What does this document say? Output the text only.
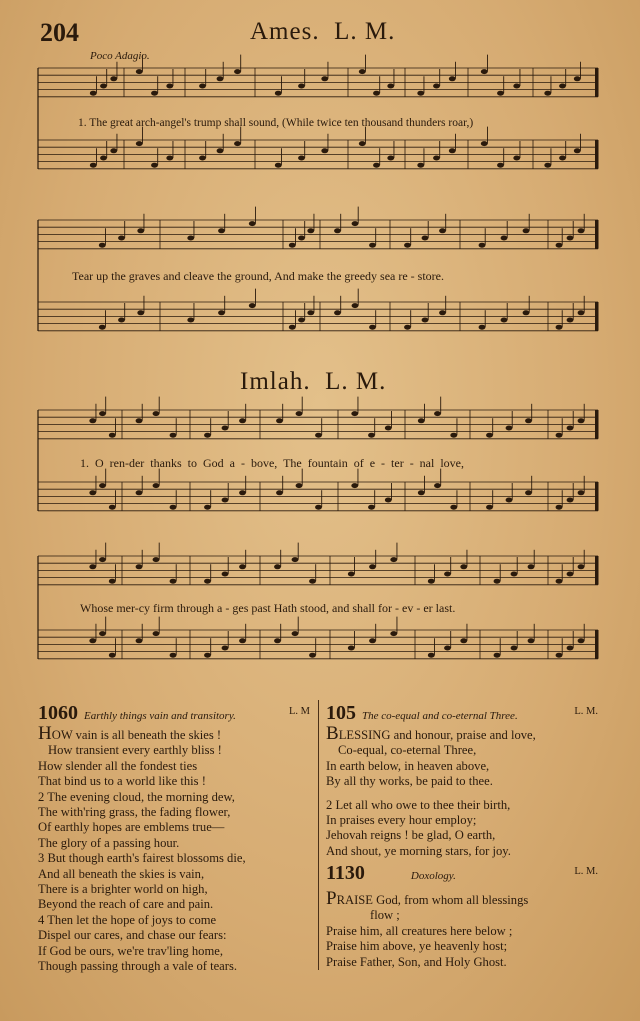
204	Ames. L. M.
Poco Adagio.
Imlah. L. M.
1. The great arch-angel's trump shall sound, (While twice ten thousand thunders roar,)
Tear up the graves and cleave the ground, And make the greedy sea re - store.
1. O ren-der thanks to God a - bove, The fountain of e - ter - nal love,
Whose mer-cy firm through a - ges past Hath stood, and shall for - ev - er last.
1060 Earthly things vain and transitory.	L. M
HOW vain is all beneath the skies !
How transient every earthly bliss !
How slender all the fondest ties
That bind us to a world like this !
2 The evening cloud, the morning dew,
The with'ring grass, the fading flower,
Of earthly hopes are emblems true—
The glory of a passing hour.
3 But though earth's fairest blossoms die,
And all beneath the skies is vain,
There is a brighter world on high,
Beyond the reach of care and pain.
4 Then let the hope of joys to come
Dispel our cares, and chase our fears:
If God be ours, we're trav'ling home,
Though passing through a vale of tears.
105 The co-equal and co-eternal Three.	L. M.
BLESSING and honour, praise and love,
Co-equal, co-eternal Three,
In earth below, in heaven above,
By all thy works, be paid to thee.
2 Let all who owe to thee their birth,
In praises every hour employ;
Jehovah reigns ! be glad, O earth,
And shout, ye morning stars, for joy.
1130	Doxology.	L. M.
PRAISE God, from whom all blessings
flow ;
Praise him, all creatures here below ;
Praise him above, ye heavenly host;
Praise Father, Son, and Holy Ghost.
